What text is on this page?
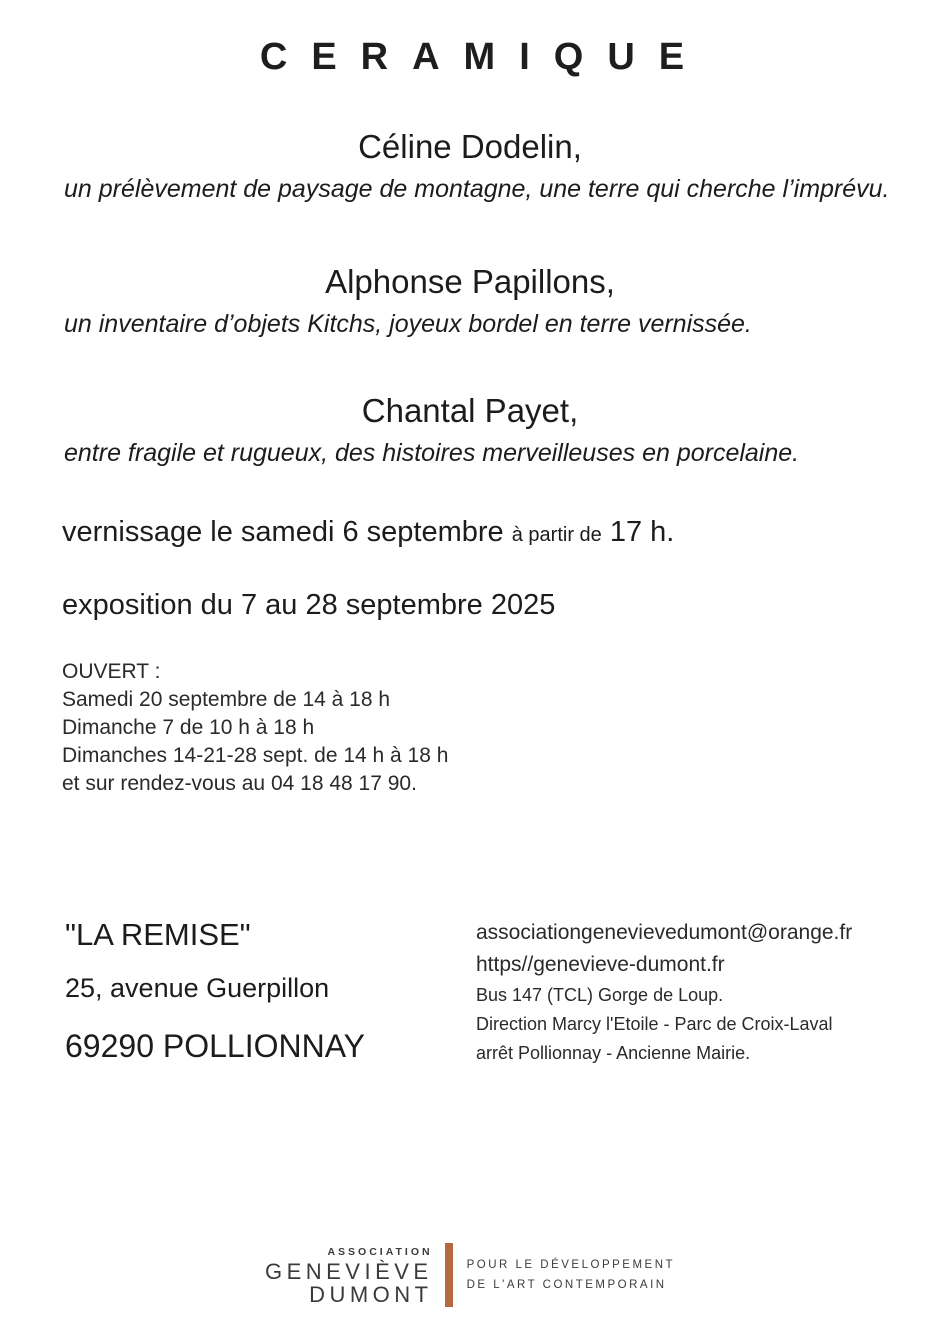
CERAMIQUE
Céline Dodelin,

un prélèvement de paysage de montagne, une terre qui cherche l’imprévu.

Alphonse Papillons,

un inventaire d’objets Kitchs, joyeux bordel en terre vernissée.

Chantal Payet,

entre fragile et rugueux, des histoires merveilleuses en porcelaine.

vernissage le samedi 6 septembre à partir de 17 h.

exposition du 7 au 28 septembre 2025

OUVERT :

Samedi 20 septembre de 14 à 18 h

Dimanche 7 de 10 h à 18 h

Dimanches 14-21-28 sept. de 14 h à 18 h

et sur rendez-vous au 04 18 48 17 90.

"LA REMISE"

25, avenue Guerpillon

69290 POLLIONNAY

associationgenevievedumont@orange.fr

https//genevieve-dumont.fr

Bus 147 (TCL) Gorge de Loup.

Direction Marcy l'Etoile - Parc de Croix-Laval

arrêt Pollionnay - Ancienne Mairie.

ASSOCIATION

GENEVIÈVE

DUMONT

POUR LE DÉVELOPPEMENT

DE L'ART CONTEMPORAIN
